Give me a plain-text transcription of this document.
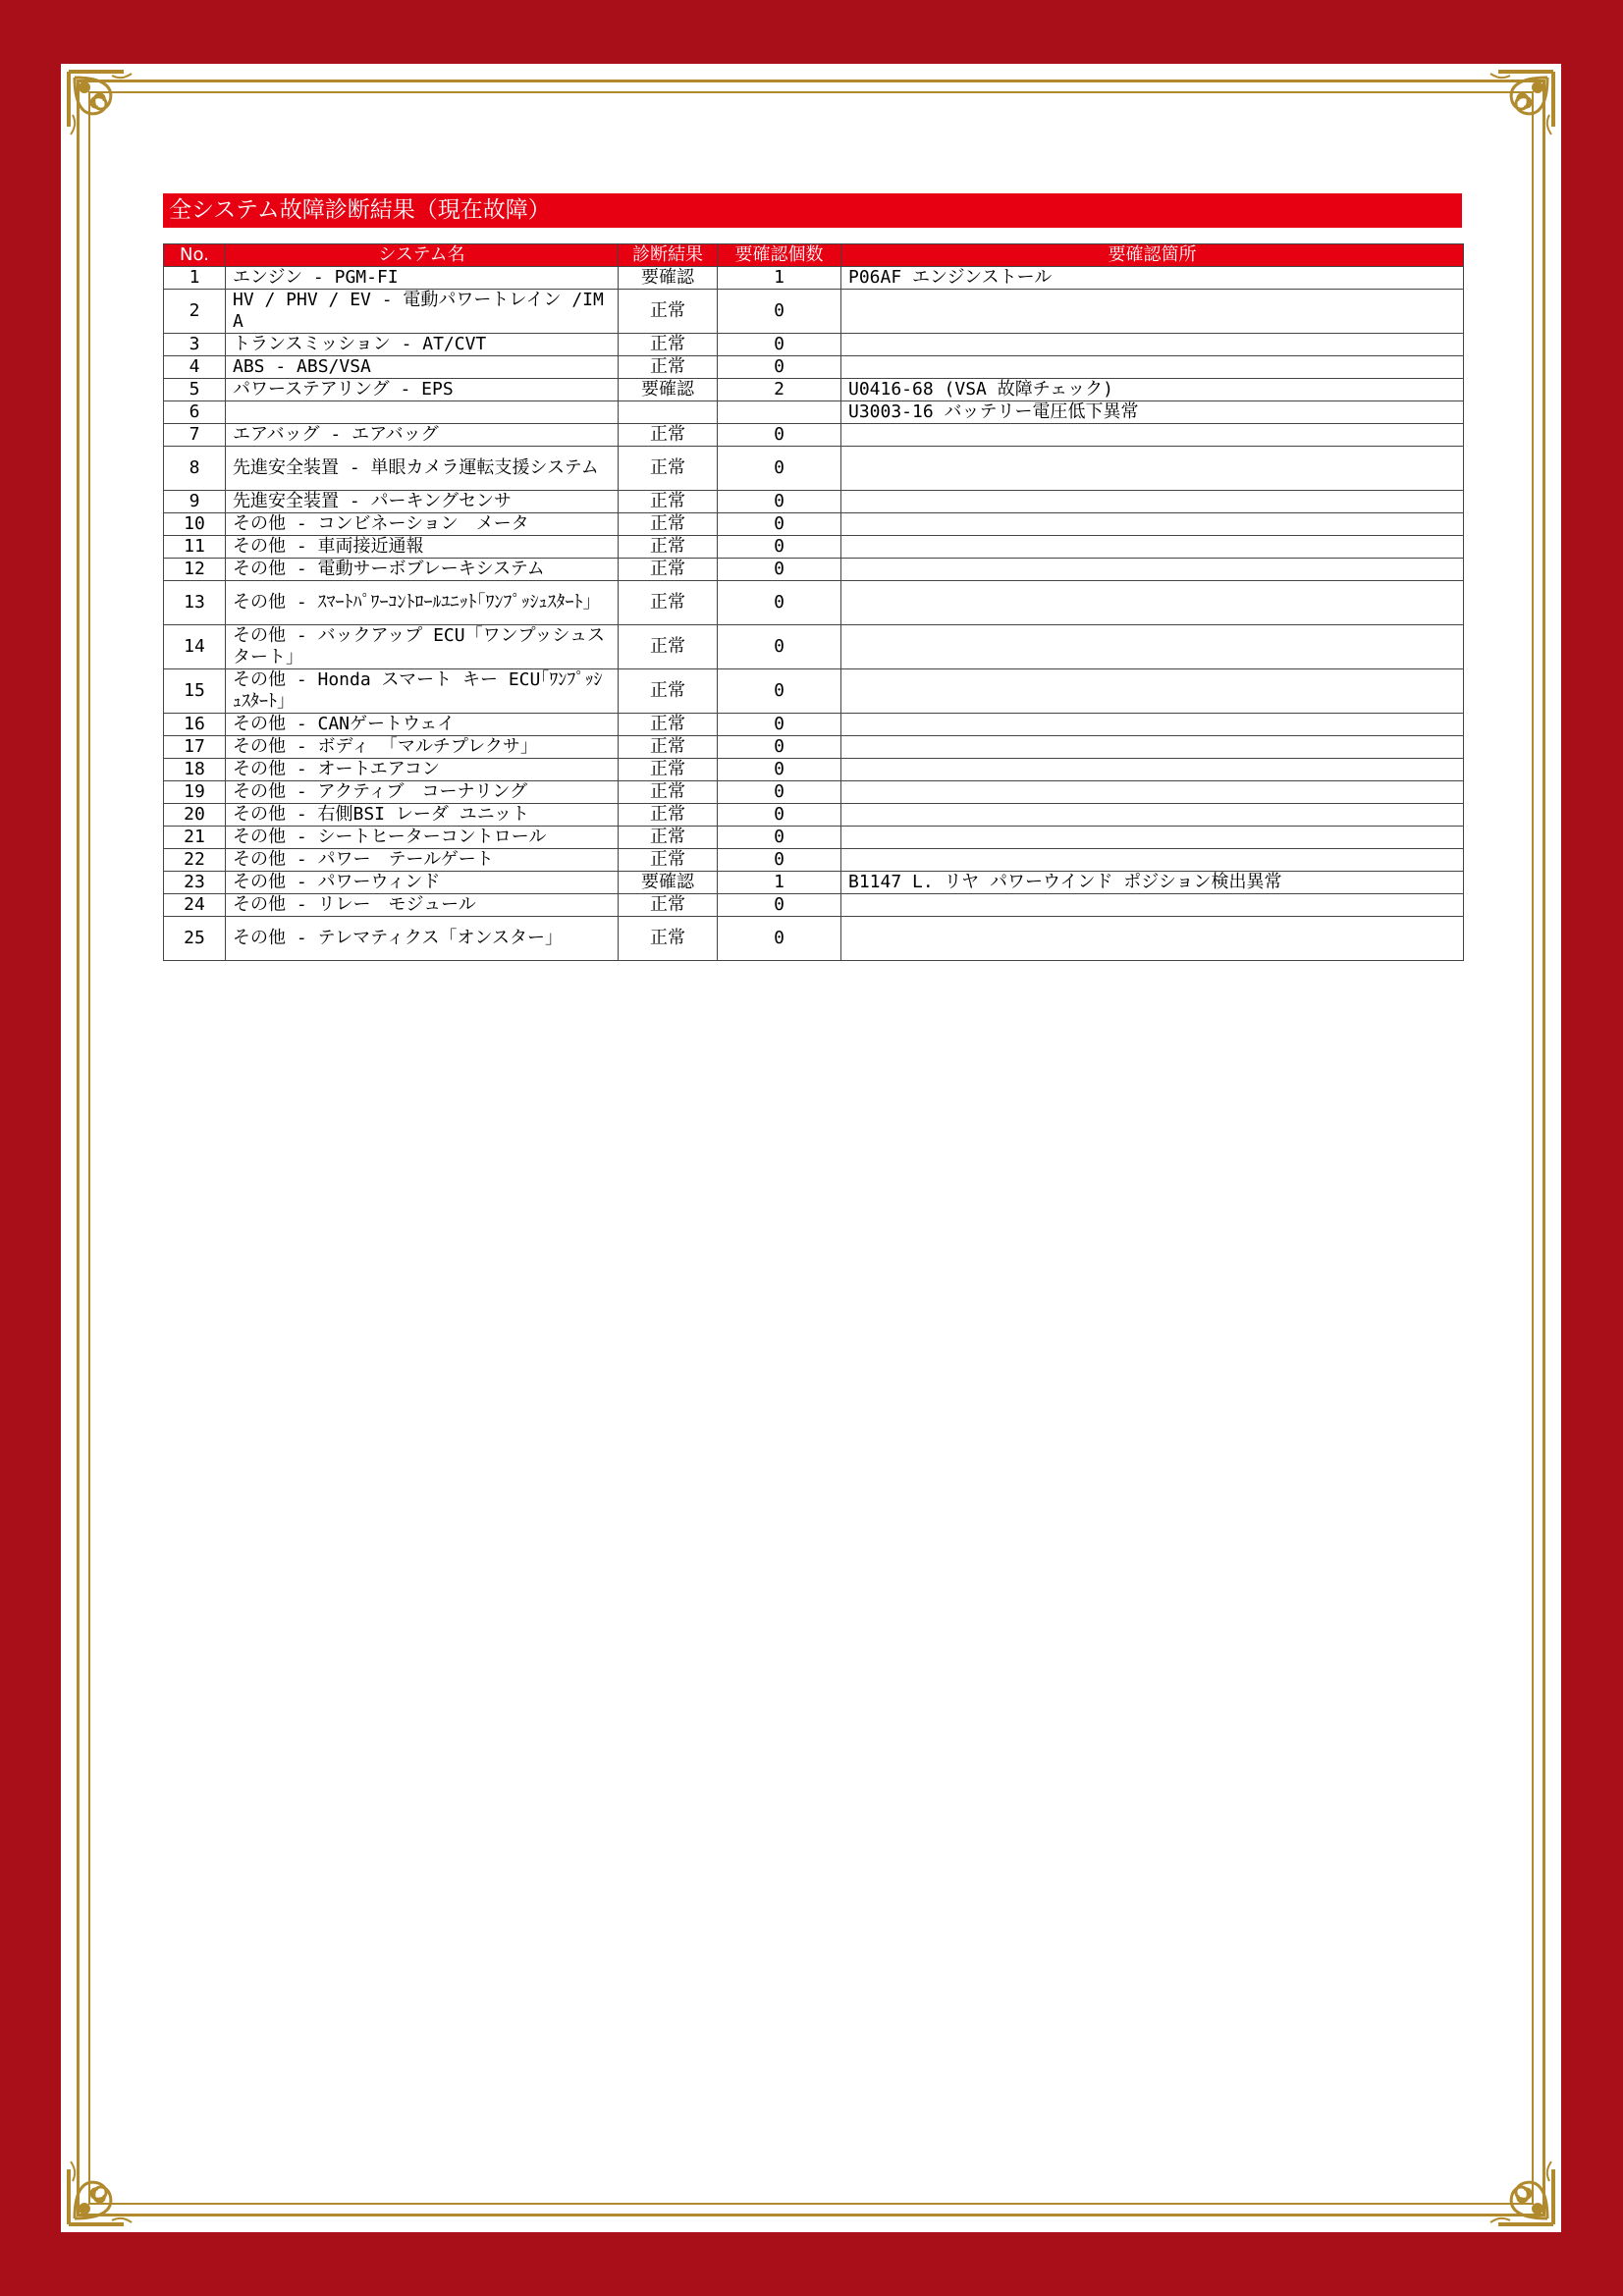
全システム故障診断結果（現在故障）
No.	システム名	診断結果	要確認個数	要確認箇所
1	エンジン - PGM-FI	要確認	1	P06AF エンジンストール
2	HV / PHV / EV - 電動パワートレイン /IMA	正常	0	
3	トランスミッション - AT/CVT	正常	0	
4	ABS - ABS/VSA	正常	0	
5	パワーステアリング - EPS	要確認	2	U0416-68 (VSA 故障チェック)
6				U3003-16 バッテリー電圧低下異常
7	エアバッグ - エアバッグ	正常	0	
8	先進安全装置 - 単眼カメラ運転支援システム	正常	0	
9	先進安全装置 - パーキングセンサ	正常	0	
10	その他 - コンビネーション　メータ	正常	0	
11	その他 - 車両接近通報	正常	0	
12	その他 - 電動サーボブレーキシステム	正常	0	
13	その他 - ｽﾏｰﾄﾊﾟﾜｰｺﾝﾄﾛｰﾙﾕﾆｯﾄ｢ﾜﾝﾌﾟｯｼｭｽﾀｰﾄ｣	正常	0	
14	その他 - バックアップ ECU「ワンプッシュスタート」	正常	0	
15	その他 - Honda スマート キー ECU｢ﾜﾝﾌﾟｯｼｭｽﾀｰﾄ｣	正常	0	
16	その他 - CANゲートウェイ	正常	0	
17	その他 - ボディ 「マルチプレクサ」	正常	0	
18	その他 - オートエアコン	正常	0	
19	その他 - アクティブ　コーナリング	正常	0	
20	その他 - 右側BSI レーダ ユニット	正常	0	
21	その他 - シートヒーターコントロール	正常	0	
22	その他 - パワー　テールゲート	正常	0	
23	その他 - パワーウィンド	要確認	1	B1147 L. リヤ パワーウインド ポジション検出異常
24	その他 - リレー　モジュール	正常	0	
25	その他 - テレマティクス「オンスター」	正常	0	
